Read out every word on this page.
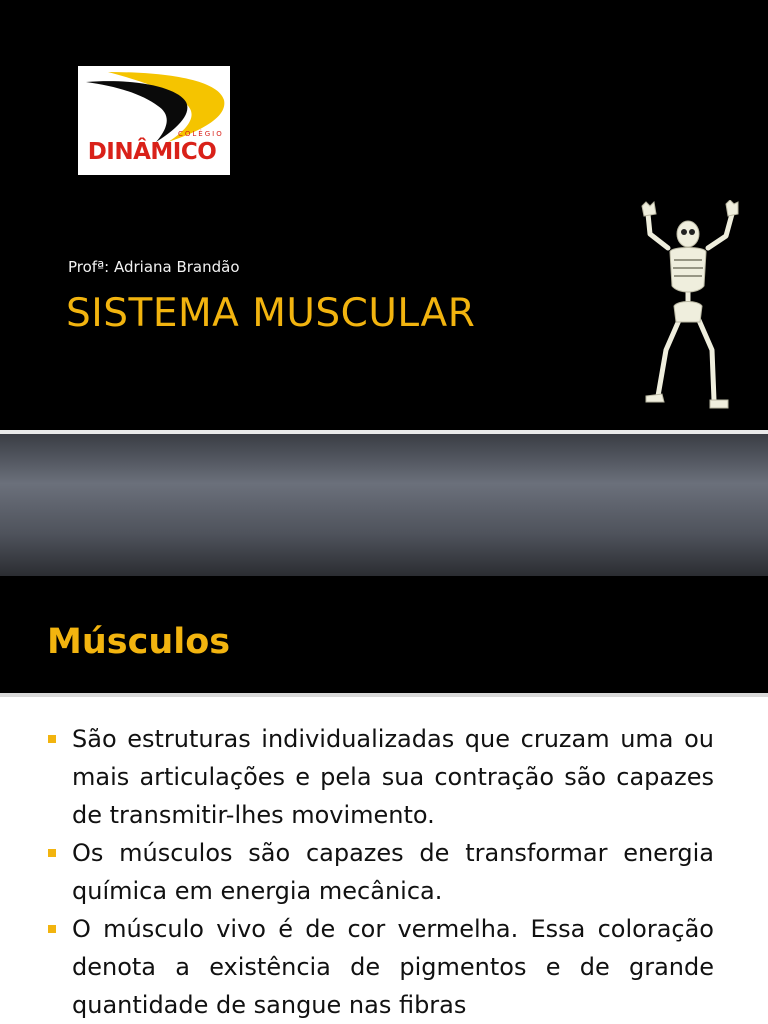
COLÉGIO
DINÂMICO
Profª: Adriana Brandão
SISTEMA MUSCULAR
Músculos
São estruturas individualizadas que cruzam uma ou mais articulações e pela sua contração são capazes de transmitir-lhes movimento.
Os músculos são capazes de transformar energia química em energia mecânica.
O músculo vivo é de cor vermelha. Essa coloração denota a existência de pigmentos e de grande quantidade de sangue nas fibras
